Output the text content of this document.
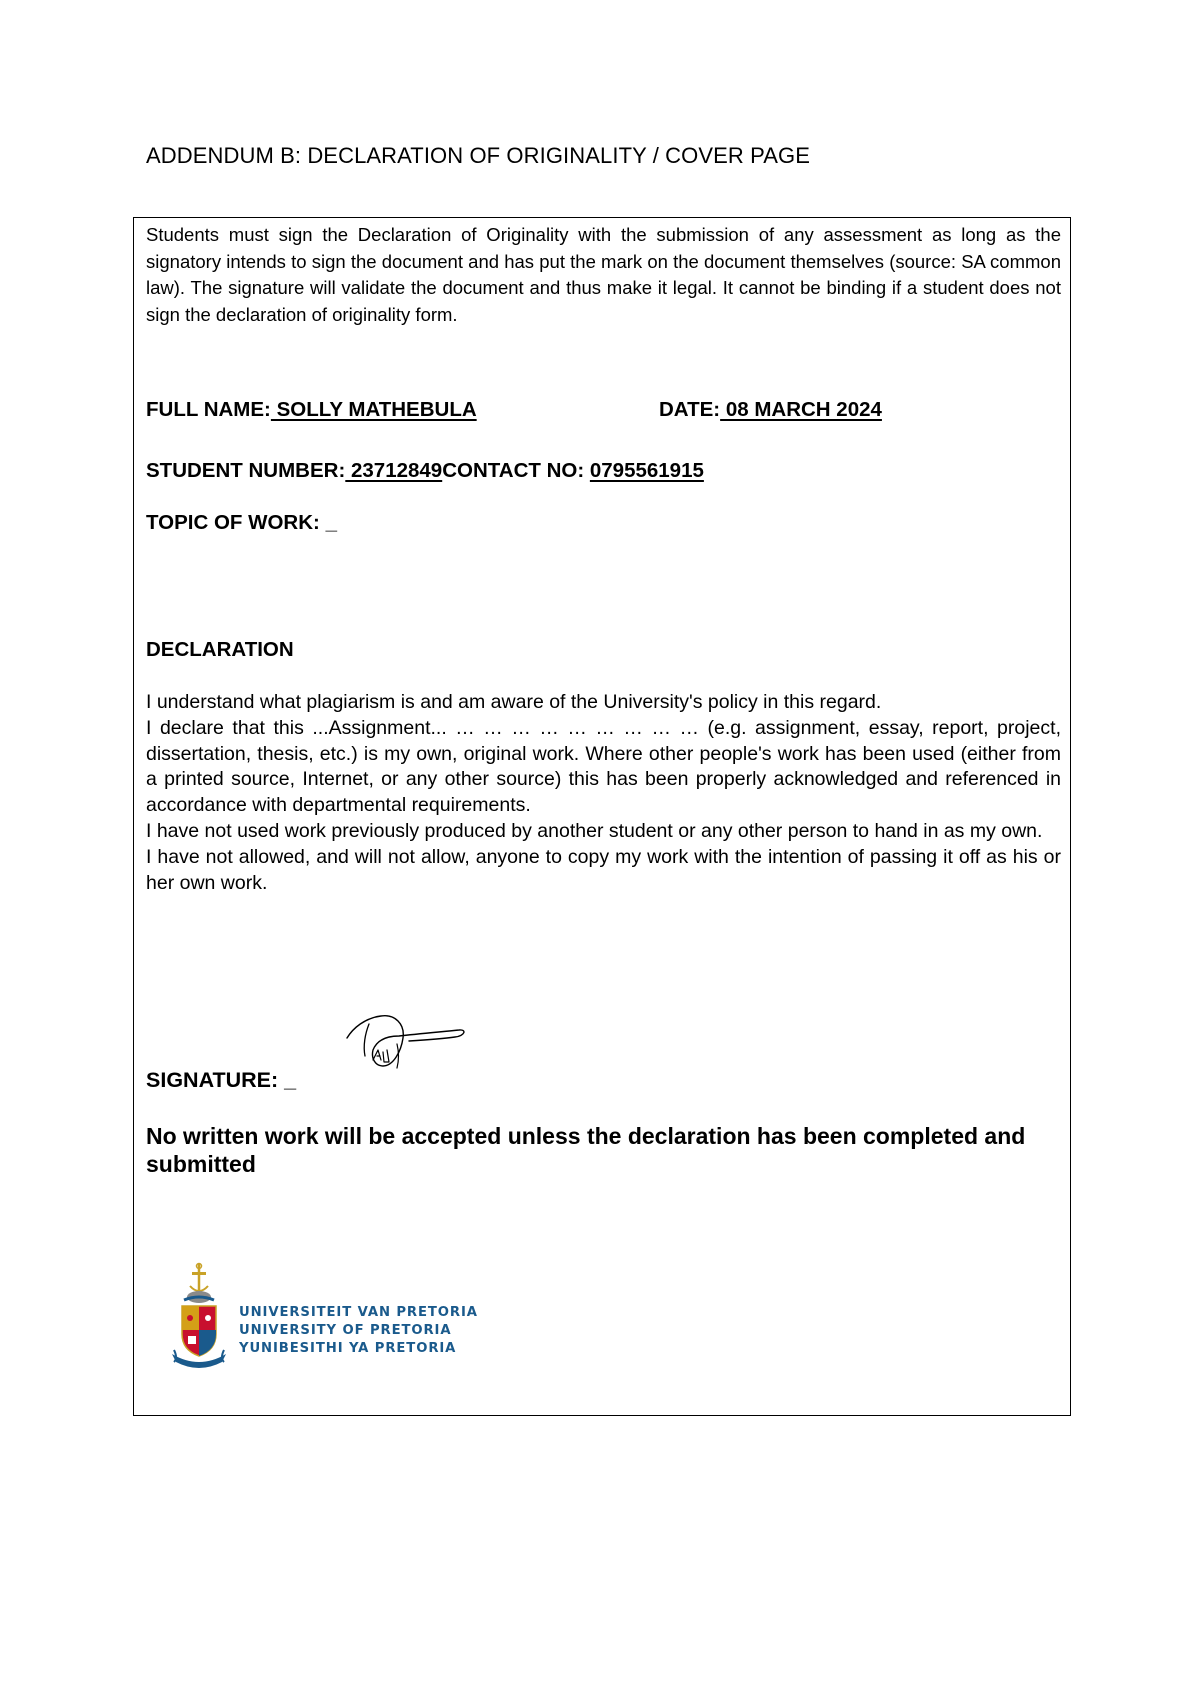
ADDENDUM B: DECLARATION OF ORIGINALITY / COVER PAGE

Students must sign the Declaration of Originality with the submission of any assessment as long as the signatory intends to sign the document and has put the mark on the document themselves (source: SA common law). The signature will validate the document and thus make it legal. It cannot be binding if a student does not sign the declaration of originality form.

FULL NAME: SOLLY MATHEBULA	DATE: 08 MARCH 2024
STUDENT NUMBER: 23712849CONTACT NO: 0795561915
TOPIC OF WORK: _
DECLARATION

I understand what plagiarism is and am aware of the University's policy in this regard.

I declare that this ...Assignment... … … … … … … … … … (e.g. assignment, essay, report, project, dissertation, thesis, etc.) is my own, original work. Where other people's work has been used (either from a printed source, Internet, or any other source) this has been properly acknowledged and referenced in accordance with departmental requirements.

I have not used work previously produced by another student or any other person to hand in as my own.

I have not allowed, and will not allow, anyone to copy my work with the intention of passing it off as his or her own work.

SIGNATURE: _

No written work will be accepted unless the declaration has been completed and submitted

UNIVERSITEIT VAN PRETORIA
UNIVERSITY OF PRETORIA
YUNIBESITHI YA PRETORIA
